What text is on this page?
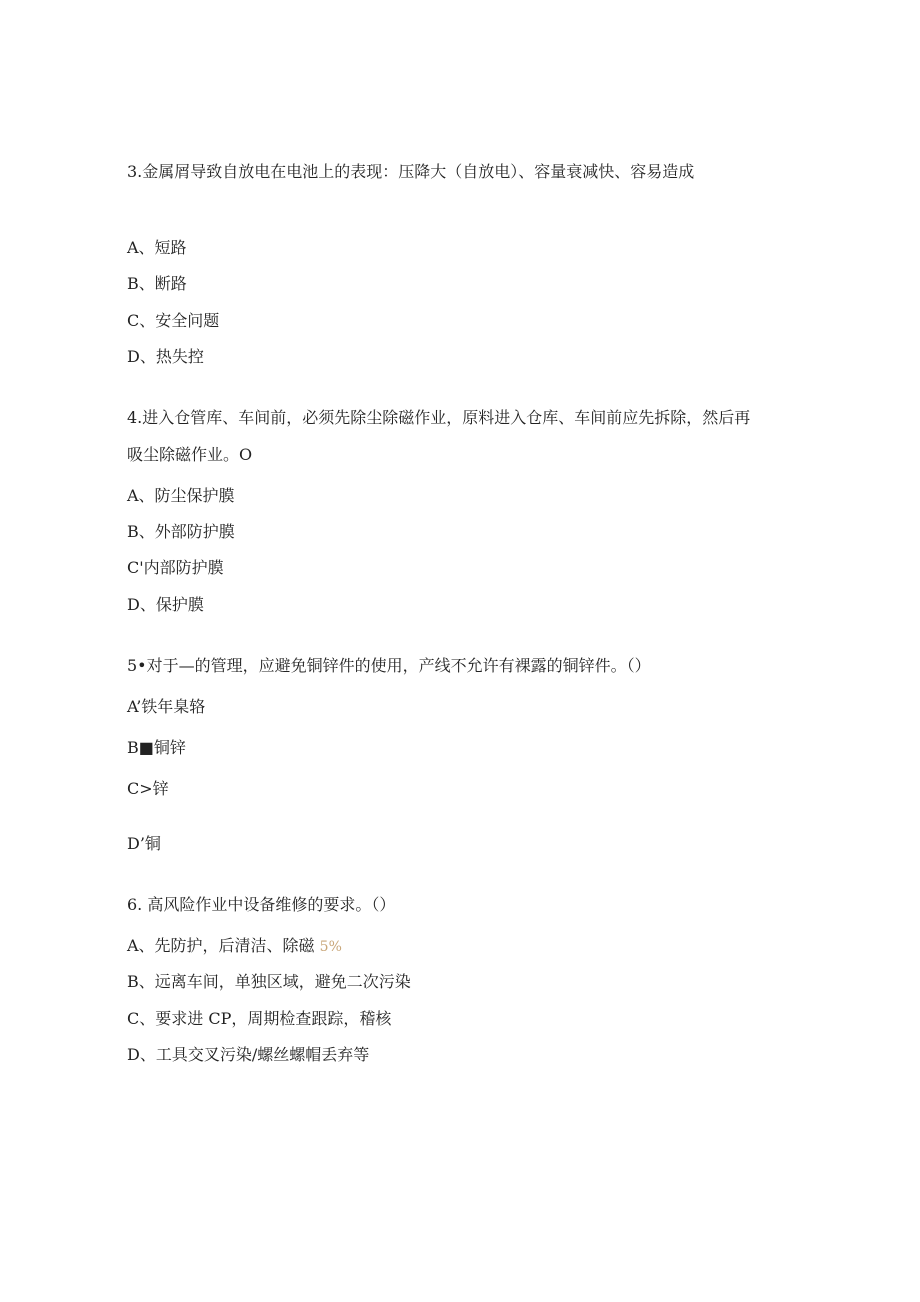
3.金属屑导致自放电在电池上的表现：压降大（自放电）、容量衰减快、容易造成
A、短路
B、断路
C、安全问题
D、热失控
4.进入仓管库、车间前，必须先除尘除磁作业，原料进入仓库、车间前应先拆除，然后再
吸尘除磁作业。O
A、防尘保护膜
B、外部防护膜
C'内部防护膜
D、保护膜
5•对于—的管理，应避免铜锌件的使用，产线不允许有裸露的铜锌件。（）
A’铁年臬辂
B■铜锌
C>锌
D’铜
6. 高风险作业中设备维修的要求。（）
A、先防护，后清洁、除磁 5%
B、远离车间，单独区域，避免二次污染
C、要求进 CP，周期检查跟踪，稽核
D、工具交叉污染/螺丝螺帽丢弃等
